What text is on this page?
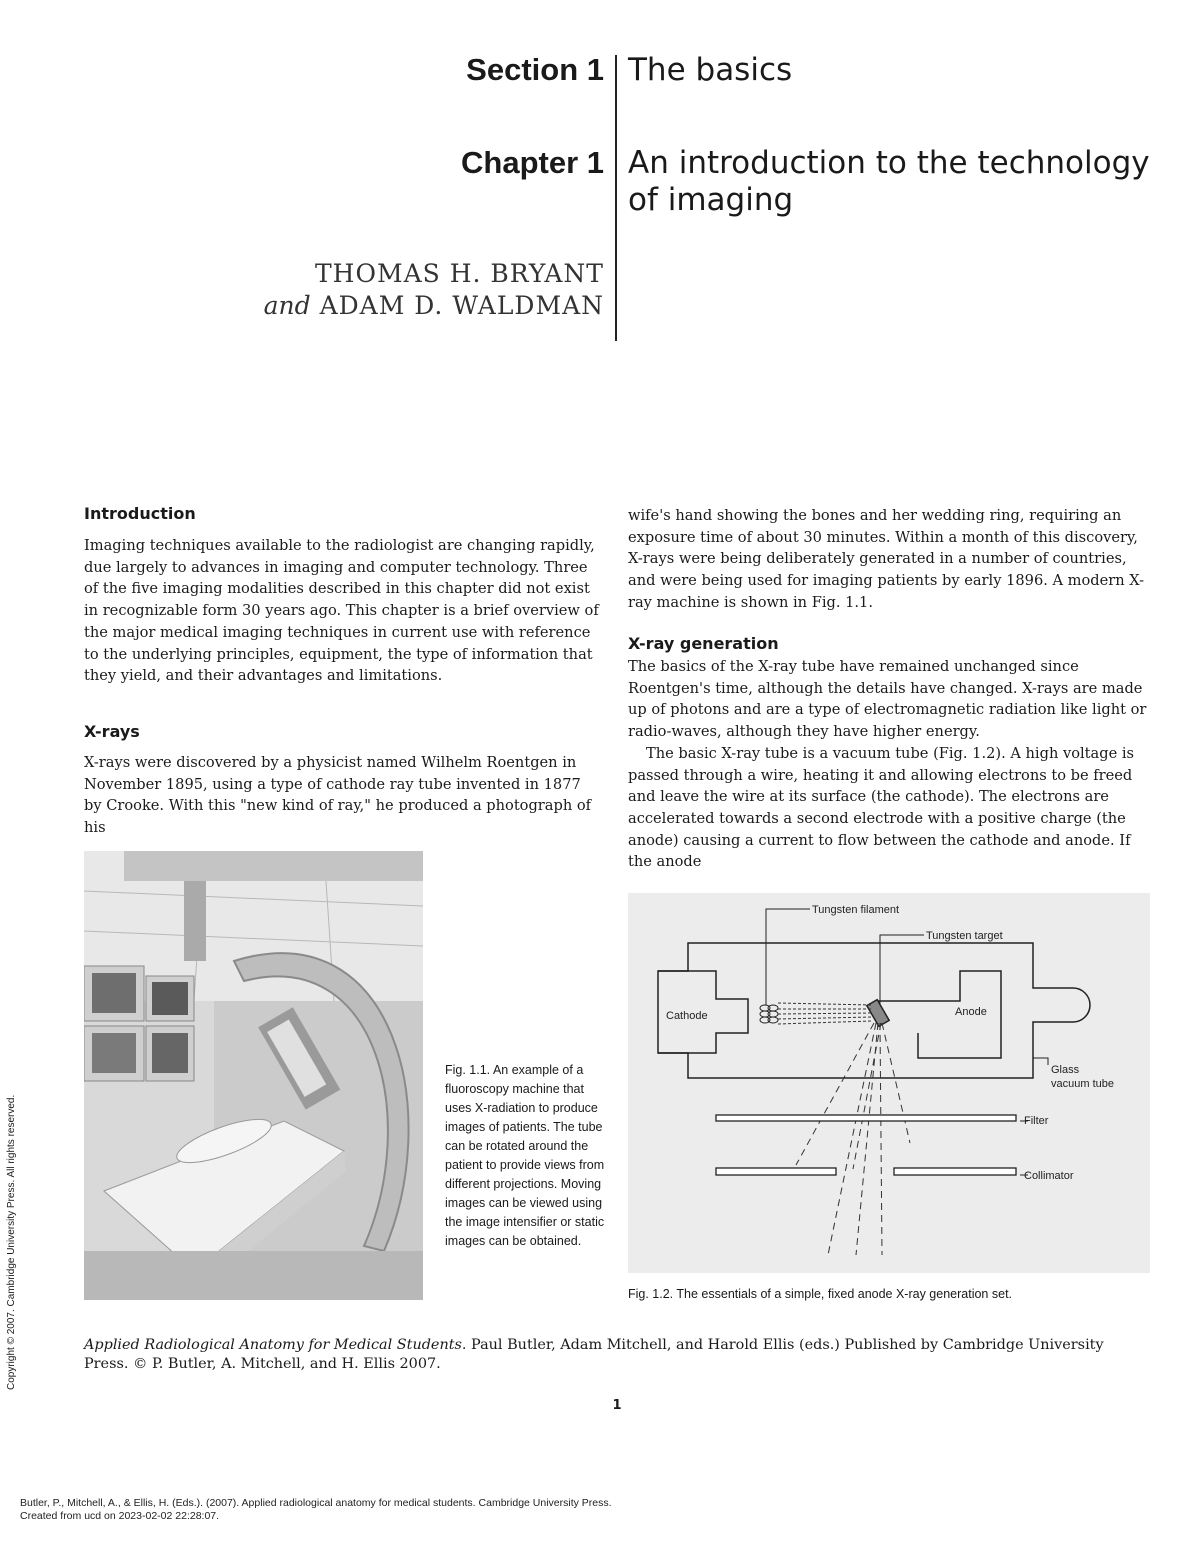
Section 1 The basics
Chapter 1 An introduction to the technology
of imaging
THOMAS H. BRYANT
and ADAM D. WALDMAN
Introduction
Imaging techniques available to the radiologist are changing rapidly, due largely to advances in imaging and computer technology. Three of the five imaging modalities described in this chapter did not exist in recognizable form 30 years ago. This chapter is a brief overview of the major medical imaging techniques in current use with reference to the underlying principles, equipment, the type of information that they yield, and their advantages and limitations.
X-rays
X-rays were discovered by a physicist named Wilhelm Roentgen in November 1895, using a type of cathode ray tube invented in 1877 by Crooke. With this "new kind of ray," he produced a photograph of his
wife's hand showing the bones and her wedding ring, requiring an exposure time of about 30 minutes. Within a month of this discovery, X-rays were being deliberately generated in a number of countries, and were being used for imaging patients by early 1896. A modern X-ray machine is shown in Fig. 1.1.
X-ray generation

The basics of the X-ray tube have remained unchanged since Roentgen's time, although the details have changed. X-rays are made up of photons and are a type of electromagnetic radiation like light or radio-waves, although they have higher energy.

The basic X-ray tube is a vacuum tube (Fig. 1.2). A high voltage is passed through a wire, heating it and allowing electrons to be freed and leave the wire at its surface (the cathode). The electrons are accelerated towards a second electrode with a positive charge (the anode) causing a current to flow between the cathode and anode. If the anode

Fig. 1.1. An example of a fluoroscopy machine that uses X-radiation to produce images of patients. The tube can be rotated around the patient to provide views from different projections. Moving images can be viewed using the image intensifier or static images can be obtained.
Tungsten filament
Tungsten target
Cathode	Anode
Glass
vacuum tube
Filter
Collimator
Fig. 1.2. The essentials of a simple, fixed anode X-ray generation set.
Applied Radiological Anatomy for Medical Students. Paul Butler, Adam Mitchell, and Harold Ellis (eds.) Published by Cambridge University Press. © P. Butler, A. Mitchell, and H. Ellis 2007.
1
Copyright © 2007. Cambridge University Press. All rights reserved.
Butler, P., Mitchell, A., & Ellis, H. (Eds.). (2007). Applied radiological anatomy for medical students. Cambridge University Press.
Created from ucd on 2023-02-02 22:28:07.
